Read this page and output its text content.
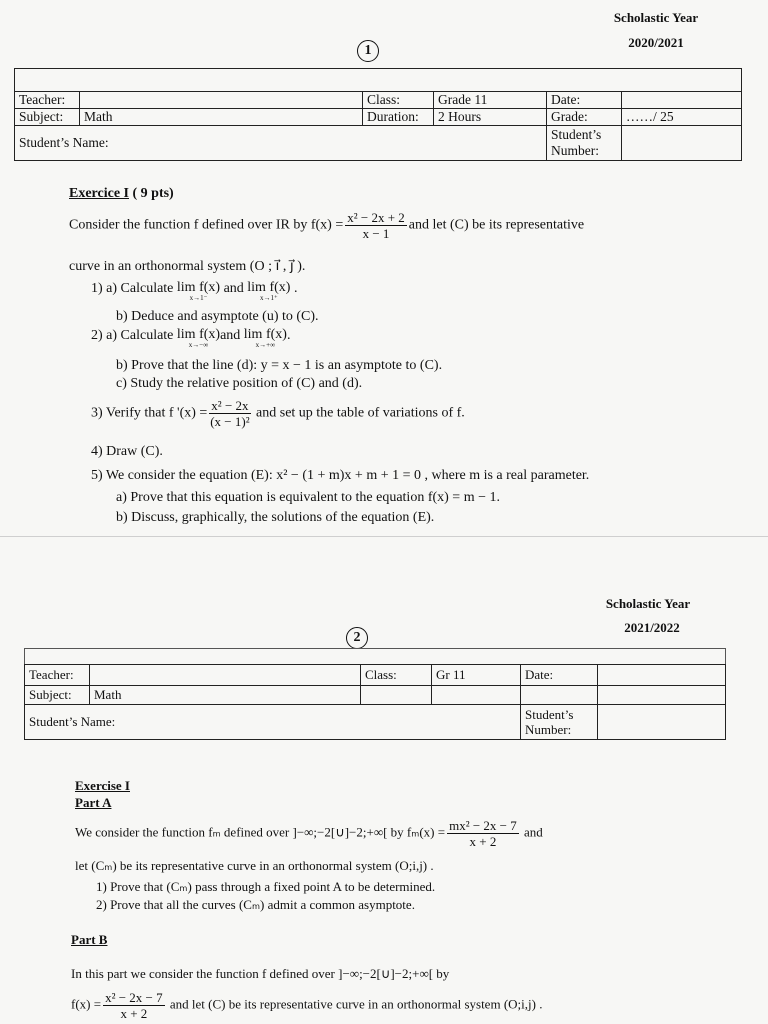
Scholastic Year
2020/2021
1
Teacher:		Class:	Grade 11	Date:	
Subject:	Math	Duration:	2 Hours	Grade:	……/ 25
Student’s Name:				Student’s Number:	
Exercice I ( 9 pts)
Consider the function f defined over IR by $f(x) = \frac{\text{x² − 2x + 2}}{x - 1}$ and let (C) be its representative
curve in an orthonormal system (O ; i⃗ , j⃗ ).
1) a) Calculate lim f(x)
x→1⁻
and lim f(x)
x→1⁺
.
b) Deduce and asymptote (u) to (C).
2) a) Calculate lim f(x)
x→−∞
and lim f(x)
x→+∞
.
b) Prove that the line (d): y = x − 1 is an asymptote to (C).
c) Study the relative position of (C) and (d).
3) Verify that f '$(x) = \frac{\text{x² − 2x}}{\text{(x − 1)²}}$ and set up the table of variations of f.
4) Draw (C).
5) We consider the equation (E): x² − (1 + m)x + m + 1 = 0 , where m is a real parameter.
a) Prove that this equation is equivalent to the equation f(x) = m − 1.
b) Discuss, graphically, the solutions of the equation (E).
Scholastic Year
2021/2022
2
Teacher:		Class:	Gr 11	Date:	
Subject:	Math				
Student’s Name:				Student’s Number:	
Exercise I
Part A
We consider the function fₘ defined over ]−∞;−2[∪]−2;+∞[ by $f_m(x) = \frac{\text{mx² − 2x − 7}}{x + 2}$ and
let (Cₘ) be its representative curve in an orthonormal system (O;i,j) .
1) Prove that (Cₘ) pass through a fixed point A to be determined.
2) Prove that all the curves (Cₘ) admit a common asymptote.
Part B
In this part we consider the function f defined over ]−∞;−2[∪]−2;+∞[ by
$f(x) = \frac{\text{x² − 2x − 7}}{x + 2}$ and let (C) be its representative curve in an orthonormal system (O;i,j) .
